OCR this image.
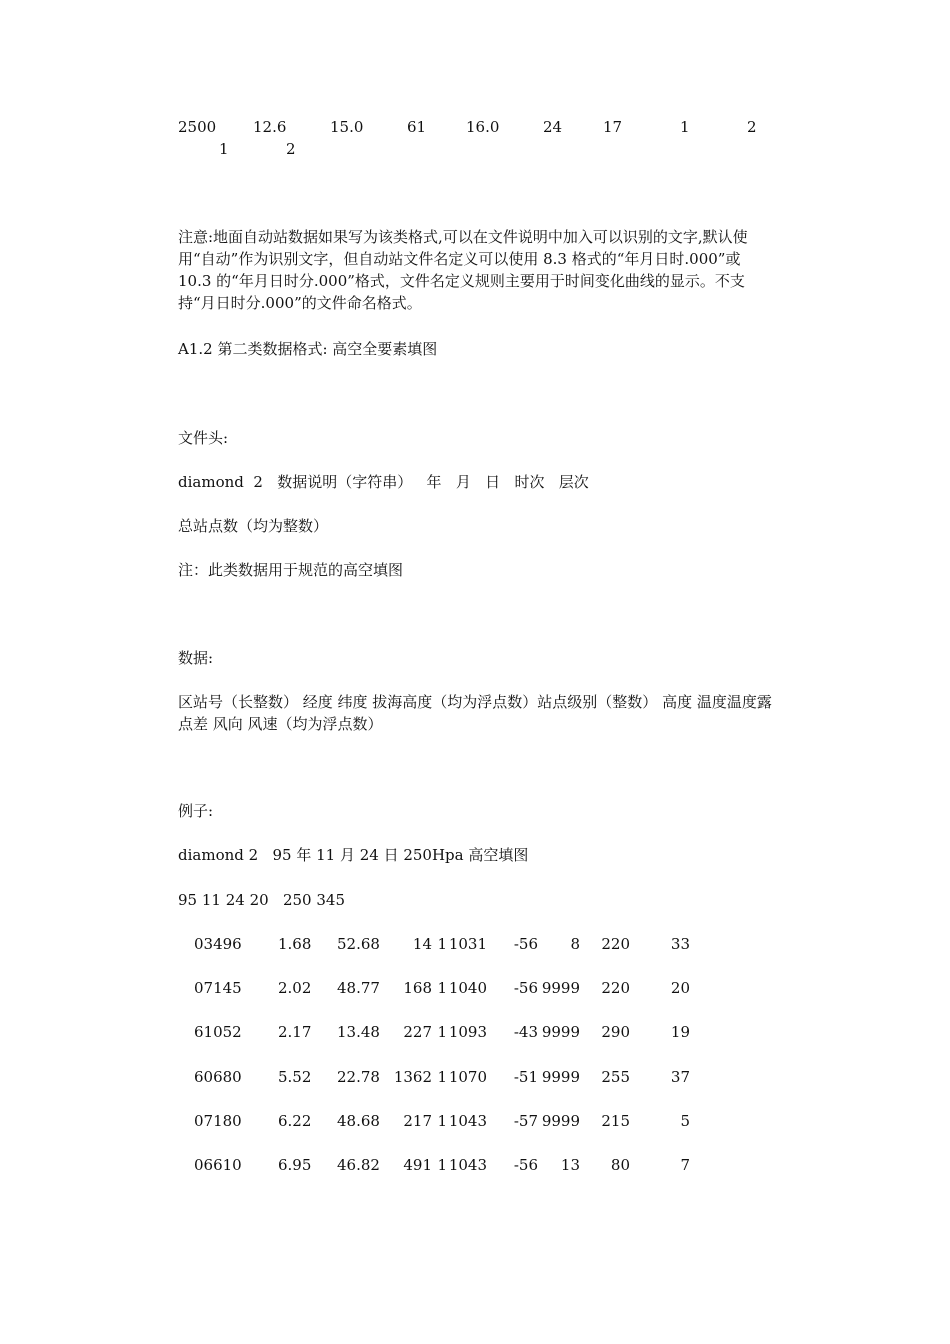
2500 12.6	15.0	61	16.0	24	17	1	2
1	2
注意:地面自动站数据如果写为该类格式,可以在文件说明中加入可以识别的文字,默认使用“自动”作为识别文字，但自动站文件名定义可以使用 8.3 格式的“年月日时.000”或 10.3 的“年月日时分.000”格式，文件名定义规则主要用于时间变化曲线的显示。不支持“月日时分.000”的文件命名格式。
A1.2 第二类数据格式: 高空全要素填图
文件头:
diamond  2   数据说明（字符串）   年   月   日   时次   层次
总站点数（均为整数）
注：此类数据用于规范的高空填图
数据:
区站号（长整数） 经度 纬度 拔海高度（均为浮点数）站点级别（整数） 高度 温度温度露点差 风向 风速（均为浮点数）
例子:
diamond 2   95 年 11 月 24 日 250Hpa 高空填图
95 11 24 20   250 345
03496 1.68 52.68 14 1 1031 -56 8 220	33
07145 2.02 48.77 168 1 1040 -56 9999 220	20
61052 2.17 13.48 227 1 1093 -43 9999 290	19
60680 5.52 22.78 1362 1 1070 -51 9999 255	37
07180 6.22 48.68 217 1 1043 -57 9999 215	5
06610 6.95 46.82 491 1 1043 -56 13 80	7
